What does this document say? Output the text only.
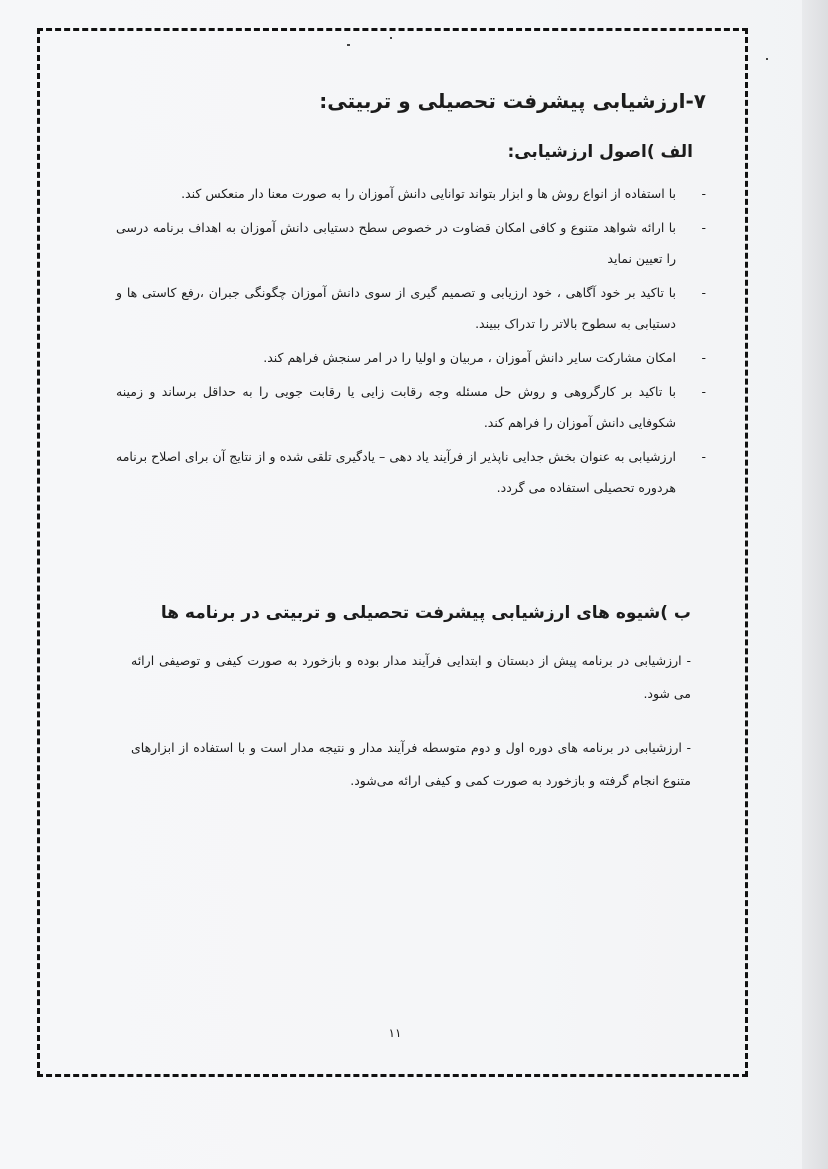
۷-ارزشیابی پیشرفت تحصیلی و تربیتی:
الف )اصول ارزشیابی:
-
با استفاده از انواع روش ها و ابزار بتواند توانایی دانش آموزان را به صورت معنا دار منعکس کند.
-
با ارائه شواهد متنوع و کافی امکان قضاوت در خصوص سطح دستیابی دانش آموزان به اهداف برنامه درسی را تعیین نماید
-
با تاکید بر خود آگاهی ، خود ارزیابی و تصمیم گیری از سوی دانش آموزان چگونگی جبران ،رفع کاستی ها و دستیابی به سطوح بالاتر را تدراک ببیند.
-
امکان مشارکت سایر دانش آموزان ، مربیان و اولیا را در امر سنجش فراهم کند.
-
با تاکید بر کارگروهی و روش حل مسئله وجه رقابت زایی یا رقابت جویی را به حداقل برساند و زمینه شکوفایی دانش آموزان را فراهم کند.
-
ارزشیابی به عنوان بخش جدایی ناپذیر از فرآیند یاد دهی – یادگیری تلقی شده و از نتایج آن برای اصلاح برنامه هردوره تحصیلی استفاده می گردد.
ب )شیوه های ارزشیابی پیشرفت تحصیلی و تربیتی در برنامه ها
- ارزشیابی در برنامه پیش از دبستان و ابتدایی فرآیند مدار بوده و بازخورد به صورت کیفی و توصیفی ارائه می شود.
- ارزشیابی در برنامه های دوره اول و دوم متوسطه فرآیند مدار و نتیجه مدار است و با استفاده از ابزارهای متنوع انجام گرفته و بازخورد به صورت کمی و کیفی ارائه می‌شود.
۱۱
